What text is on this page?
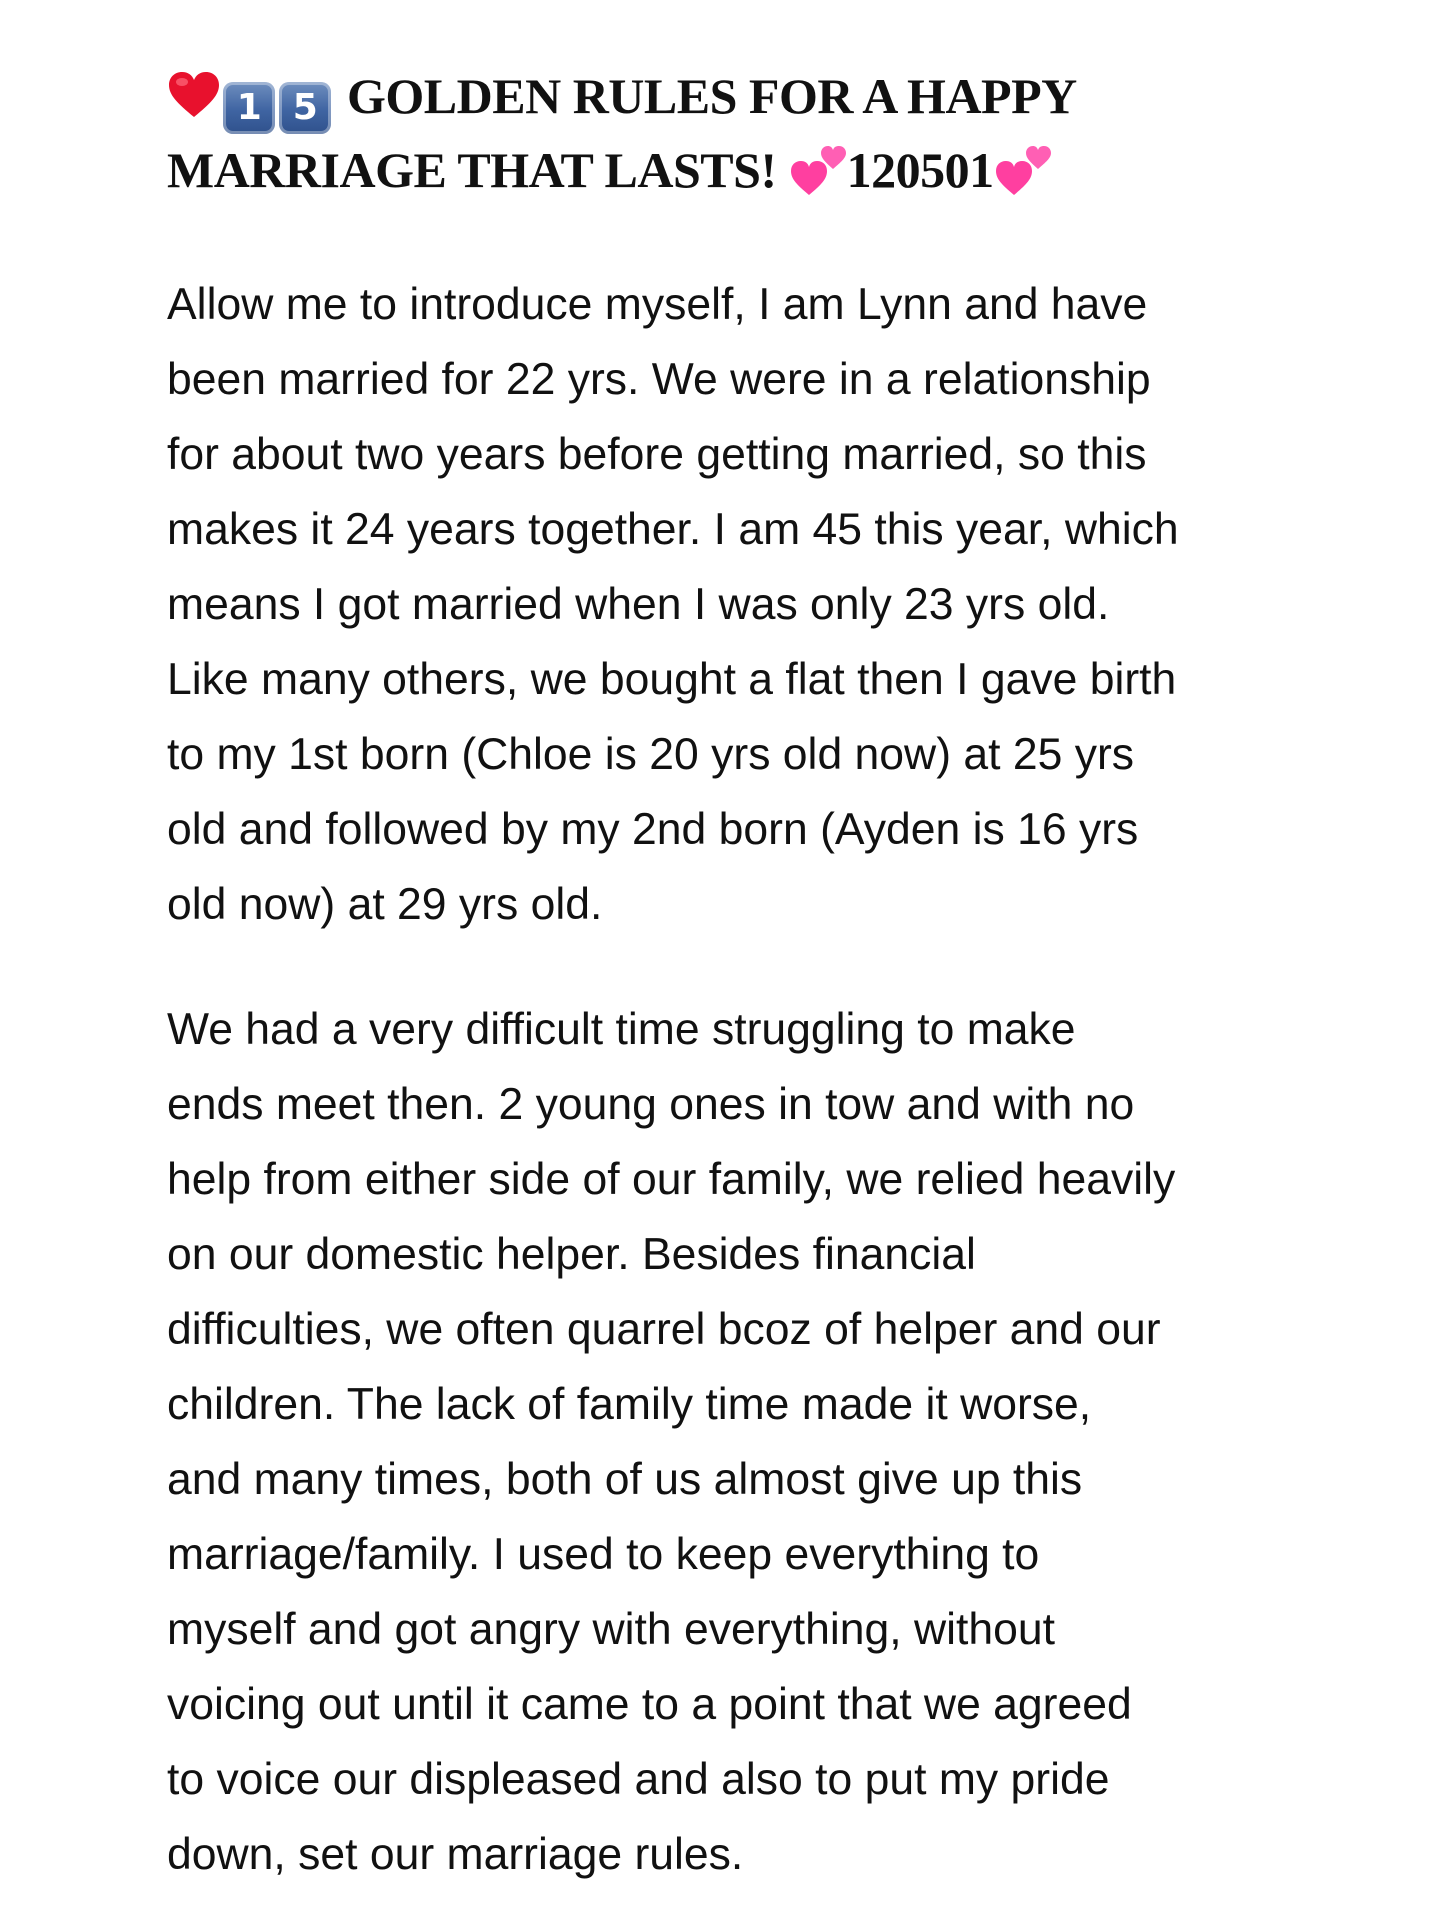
1 5 GOLDEN RULES FOR A HAPPY
MARRIAGE THAT LASTS! 120501

Allow me to introduce myself, I am Lynn and have
been married for 22 yrs. We were in a relationship
for about two years before getting married, so this
makes it 24 years together. I am 45 this year, which
means I got married when I was only 23 yrs old.
Like many others, we bought a flat then I gave birth
to my 1st born (Chloe is 20 yrs old now) at 25 yrs
old and followed by my 2nd born (Ayden is 16 yrs
old now) at 29 yrs old.

We had a very difficult time struggling to make
ends meet then. 2 young ones in tow and with no
help from either side of our family, we relied heavily
on our domestic helper. Besides financial
difficulties, we often quarrel bcoz of helper and our
children. The lack of family time made it worse,
and many times, both of us almost give up this
marriage/family. I used to keep everything to
myself and got angry with everything, without
voicing out until it came to a point that we agreed
to voice our displeased and also to put my pride
down, set our marriage rules.
